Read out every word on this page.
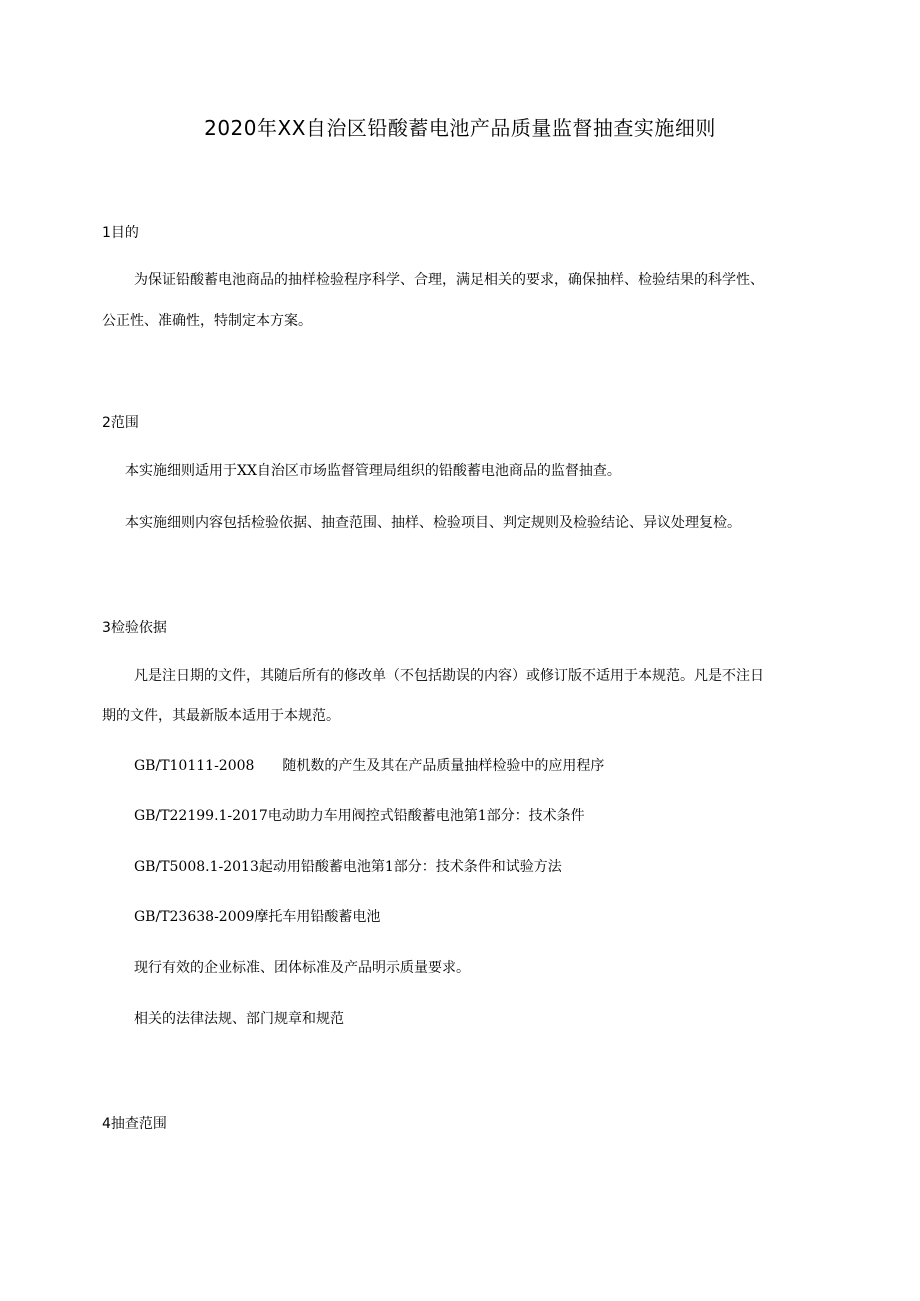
2020年XX自治区铅酸蓄电池产品质量监督抽查实施细则
1目的
为保证铅酸蓄电池商品的抽样检验程序科学、合理，满足相关的要求，确保抽样、检验结果的科学性、
公正性、准确性，特制定本方案。
2范围
本实施细则适用于XX自治区市场监督管理局组织的铅酸蓄电池商品的监督抽查。
本实施细则内容包括检验依据、抽查范围、抽样、检验项目、判定规则及检验结论、异议处理复检。
3检验依据
凡是注日期的文件，其随后所有的修改单（不包括勘误的内容）或修订版不适用于本规范。凡是不注日
期的文件，其最新版本适用于本规范。
GB/T10111-2008 随机数的产生及其在产品质量抽样检验中的应用程序
GB/T22199.1-2017电动助力车用阀控式铅酸蓄电池第1部分：技术条件
GB/T5008.1-2013起动用铅酸蓄电池第1部分：技术条件和试验方法
GB/T23638-2009摩托车用铅酸蓄电池
现行有效的企业标准、团体标准及产品明示质量要求。
相关的法律法规、部门规章和规范
4抽查范围
